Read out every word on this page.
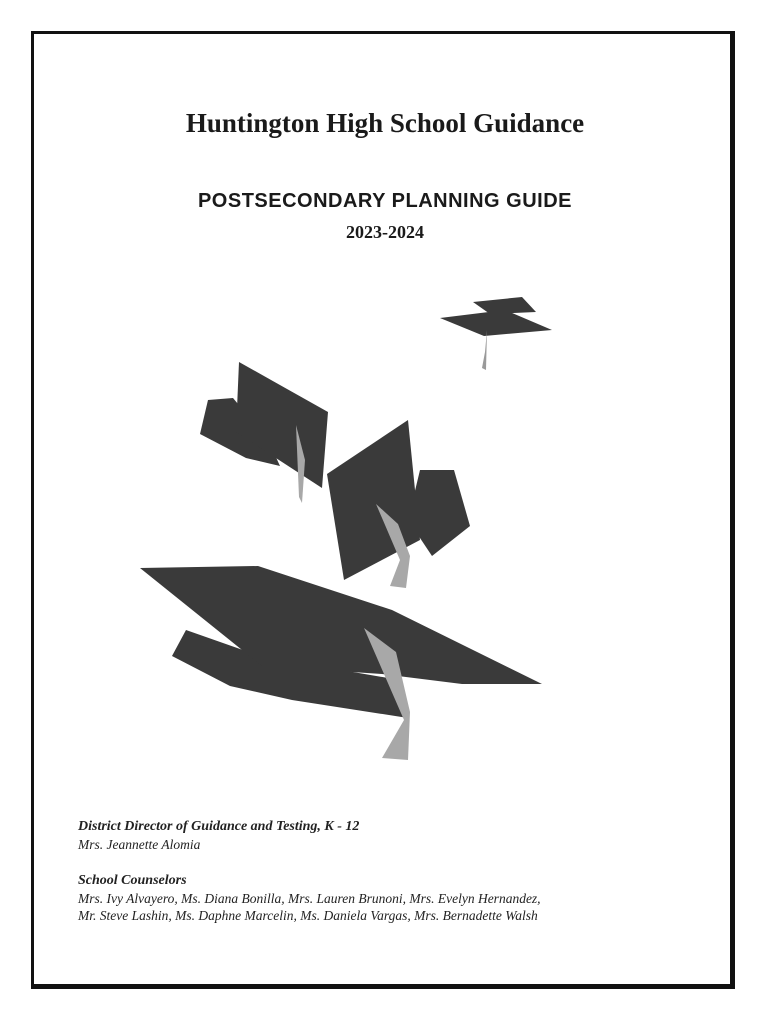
Huntington High School Guidance
POSTSECONDARY PLANNING GUIDE
2023-2024
District Director of Guidance and Testing, K - 12
Mrs. Jeannette Alomia
School Counselors
Mrs. Ivy Alvayero, Ms. Diana Bonilla, Mrs. Lauren Brunoni, Mrs. Evelyn Hernandez,
Mr. Steve Lashin, Ms. Daphne Marcelin, Ms. Daniela Vargas, Mrs. Bernadette Walsh
